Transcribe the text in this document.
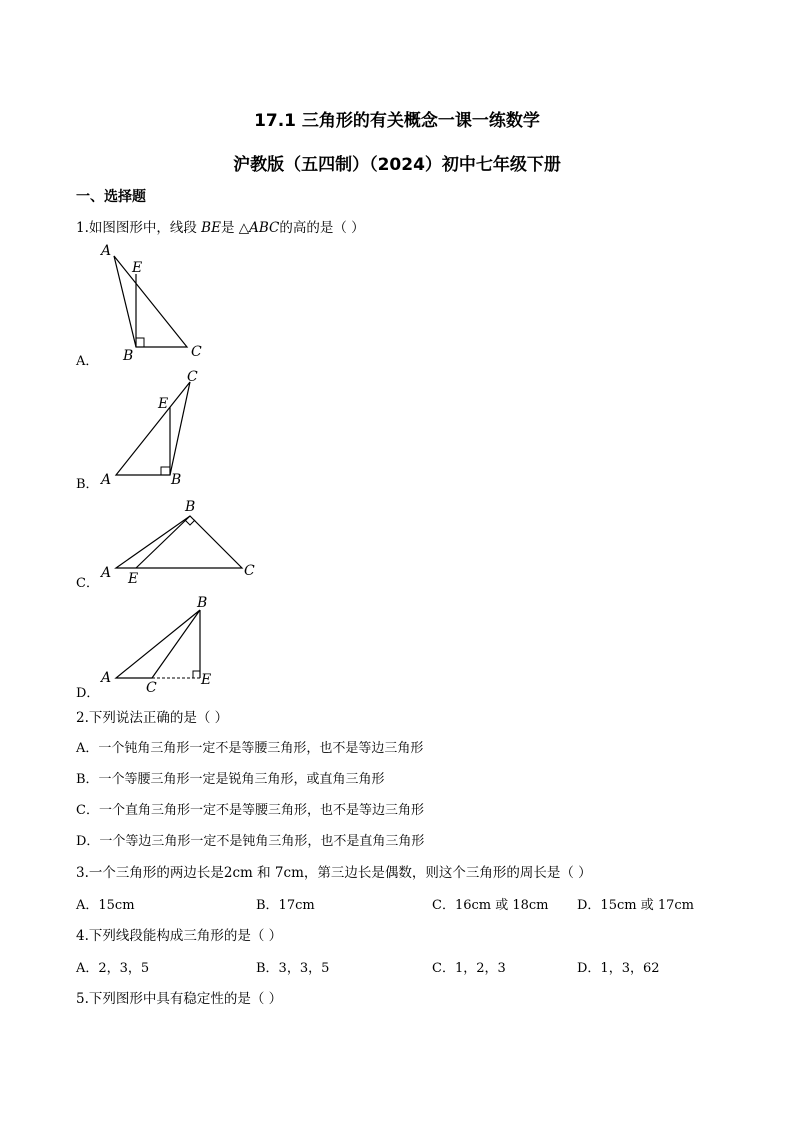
17.1 三角形的有关概念一课一练数学
沪教版（五四制）（2024）初中七年级下册
一、选择题
1.如图图形中，线段 BE是 △ABC的高的是（ ）
A．
A
E
B	C
B． A	B
C
E
C．
A
B
C
E
D．
A
C
B
E
2.下列说法正确的是（ ）
A．一个钝角三角形一定不是等腰三角形，也不是等边三角形
B．一个等腰三角形一定是锐角三角形，或直角三角形
C．一个直角三角形一定不是等腰三角形，也不是等边三角形
D．一个等边三角形一定不是钝角三角形，也不是直角三角形
3.一个三角形的两边长是2cm 和 7cm，第三边长是偶数，则这个三角形的周长是（ ）
A．15cm	B．17cm	C．16cm 或 18cm D．15cm 或 17cm
4.下列线段能构成三角形的是（ ）
A．2，3，5	B．3，3，5	C．1，2，3	D．1，3，62
5.下列图形中具有稳定性的是（ ）
